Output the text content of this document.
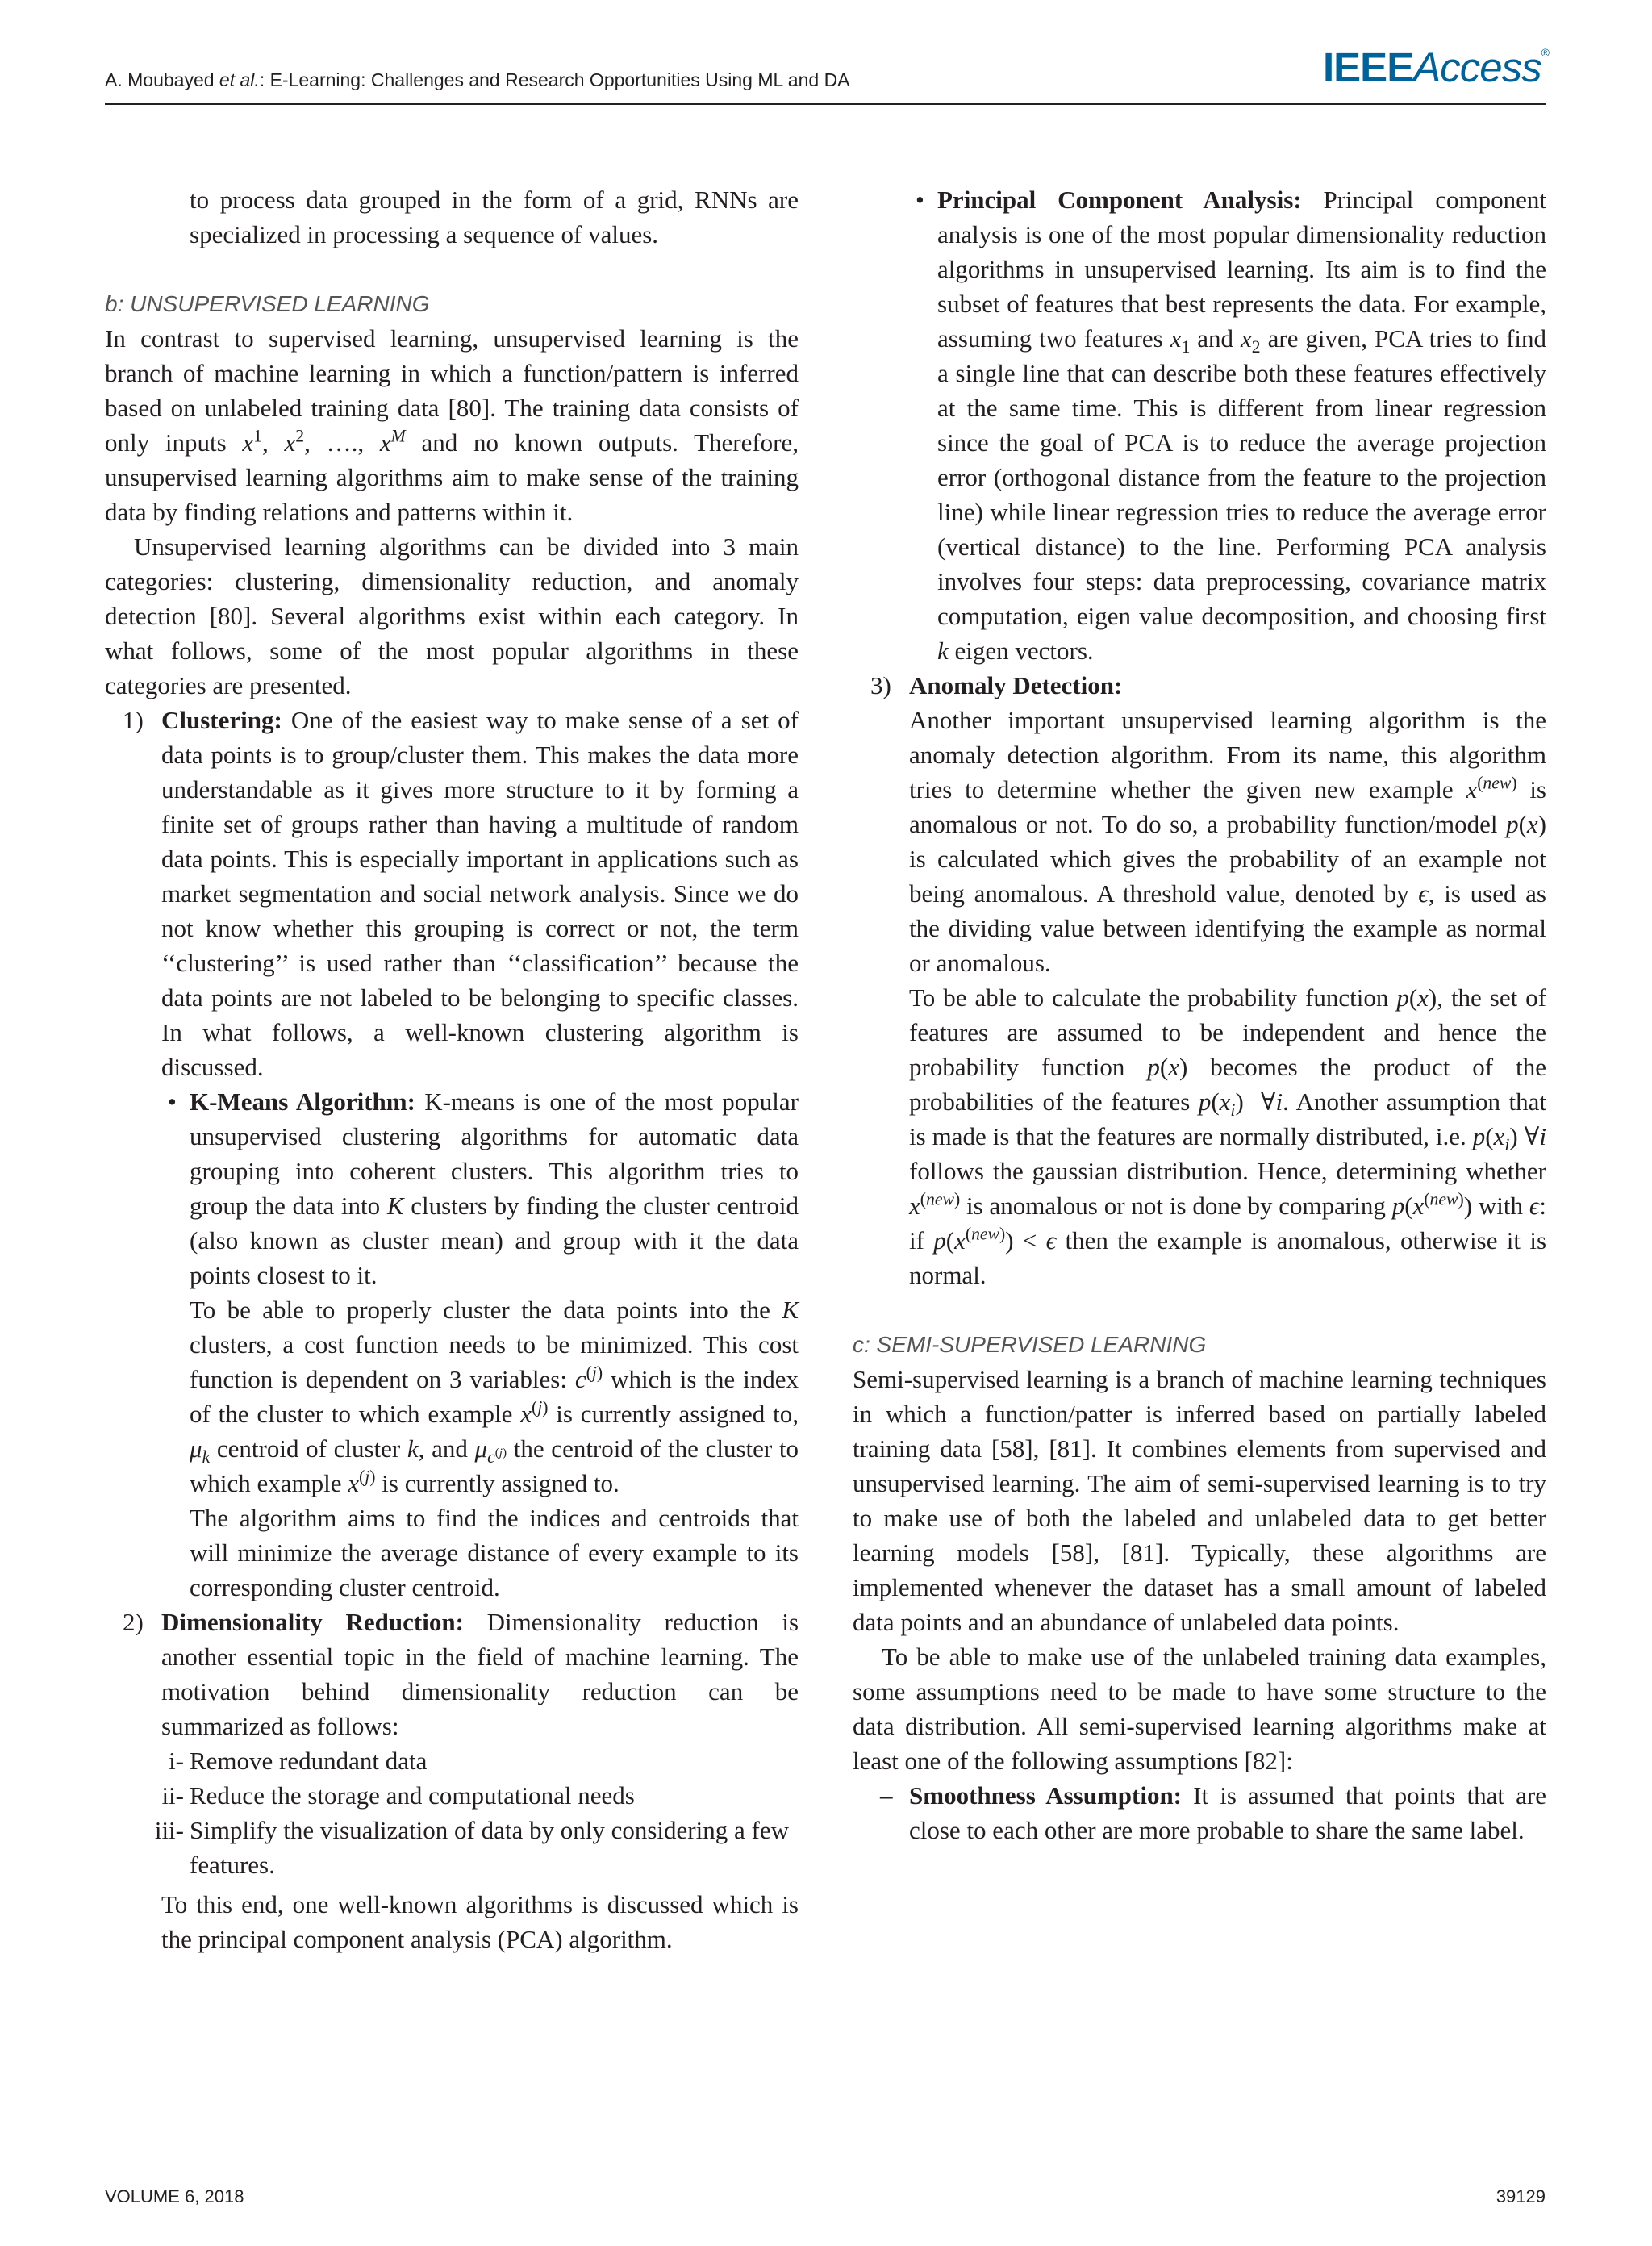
A. Moubayed et al.: E-Learning: Challenges and Research Opportunities Using ML and DA	IEEEAccess®

to process data grouped in the form of a grid, RNNs are specialized in processing a sequence of values.

b: UNSUPERVISED LEARNING

In contrast to supervised learning, unsupervised learning is the branch of machine learning in which a function/pattern is inferred based on unlabeled training data [80]. The training data consists of only inputs $x^1$, $x^2$, …., $x^M$ and no known outputs. Therefore, unsupervised learning algorithms aim to make sense of the training data by finding relations and patterns within it.

Unsupervised learning algorithms can be divided into 3 main categories: clustering, dimensionality reduction, and anomaly detection [80]. Several algorithms exist within each category. In what follows, some of the most popular algorithms in these categories are presented.

1) Clustering: One of the easiest way to make sense of a set of data points is to group/cluster them. This makes the data more understandable as it gives more structure to it by forming a finite set of groups rather than having a multitude of random data points. This is especially important in applications such as market segmentation and social network analysis. Since we do not know whether this grouping is correct or not, the term ‘‘clustering’’ is used rather than ‘‘classification’’ because the data points are not labeled to be belonging to specific classes. In what follows, a well-known clustering algorithm is discussed.

• K-Means Algorithm: K-means is one of the most popular unsupervised clustering algorithms for automatic data grouping into coherent clusters. This algorithm tries to group the data into K clusters by finding the cluster centroid (also known as cluster mean) and group with it the data points closest to it.

To be able to properly cluster the data points into the K clusters, a cost function needs to be minimized. This cost function is dependent on 3 variables: $c^{(j)}$ which is the index of the cluster to which example $x^{(j)}$ is currently assigned to, $\mu_k$ centroid of cluster k, and $\mu_{c^{(j)}}$ the centroid of the cluster to which example $x^{(j)}$ is currently assigned to.

The algorithm aims to find the indices and centroids that will minimize the average distance of every example to its corresponding cluster centroid.

2) Dimensionality Reduction: Dimensionality reduction is another essential topic in the field of machine learning. The motivation behind dimensionality reduction can be summarized as follows:

i- Remove redundant data

ii- Reduce the storage and computational needs

iii- Simplify the visualization of data by only considering a few features.

To this end, one well-known algorithms is discussed which is the principal component analysis (PCA) algorithm.

• Principal Component Analysis: Principal component analysis is one of the most popular dimensionality reduction algorithms in unsupervised learning. Its aim is to find the subset of features that best represents the data. For example, assuming two features $x_1$ and $x_2$ are given, PCA tries to find a single line that can describe both these features effectively at the same time. This is different from linear regression since the goal of PCA is to reduce the average projection error (orthogonal distance from the feature to the projection line) while linear regression tries to reduce the average error (vertical distance) to the line. Performing PCA analysis involves four steps: data preprocessing, covariance matrix computation, eigen value decomposition, and choosing first k eigen vectors.

3) Anomaly Detection:

Another important unsupervised learning algorithm is the anomaly detection algorithm. From its name, this algorithm tries to determine whether the given new example $x^{(new)}$ is anomalous or not. To do so, a probability function/model p(x) is calculated which gives the probability of an example not being anomalous. A threshold value, denoted by ϵ, is used as the dividing value between identifying the example as normal or anomalous.

To be able to calculate the probability function p(x), the set of features are assumed to be independent and hence the probability function p(x) becomes the product of the probabilities of the features $p(x_i)$  ∀i. Another assumption that is made is that the features are normally distributed, i.e. $p(x_i)$ ∀i follows the gaussian distribution. Hence, determining whether $x^{(new)}$ is anomalous or not is done by comparing $p(x^{(new)})$ with ϵ: if $p(x^{(new)}) < \epsilon$ then the example is anomalous, otherwise it is normal.

c: SEMI-SUPERVISED LEARNING

Semi-supervised learning is a branch of machine learning techniques in which a function/patter is inferred based on partially labeled training data [58], [81]. It combines elements from supervised and unsupervised learning. The aim of semi-supervised learning is to try to make use of both the labeled and unlabeled data to get better learning models [58], [81]. Typically, these algorithms are implemented whenever the dataset has a small amount of labeled data points and an abundance of unlabeled data points.

To be able to make use of the unlabeled training data examples, some assumptions need to be made to have some structure to the data distribution. All semi-supervised learning algorithms make at least one of the following assumptions [82]:

– Smoothness Assumption: It is assumed that points that are close to each other are more probable to share the same label.

VOLUME 6, 2018	39129
